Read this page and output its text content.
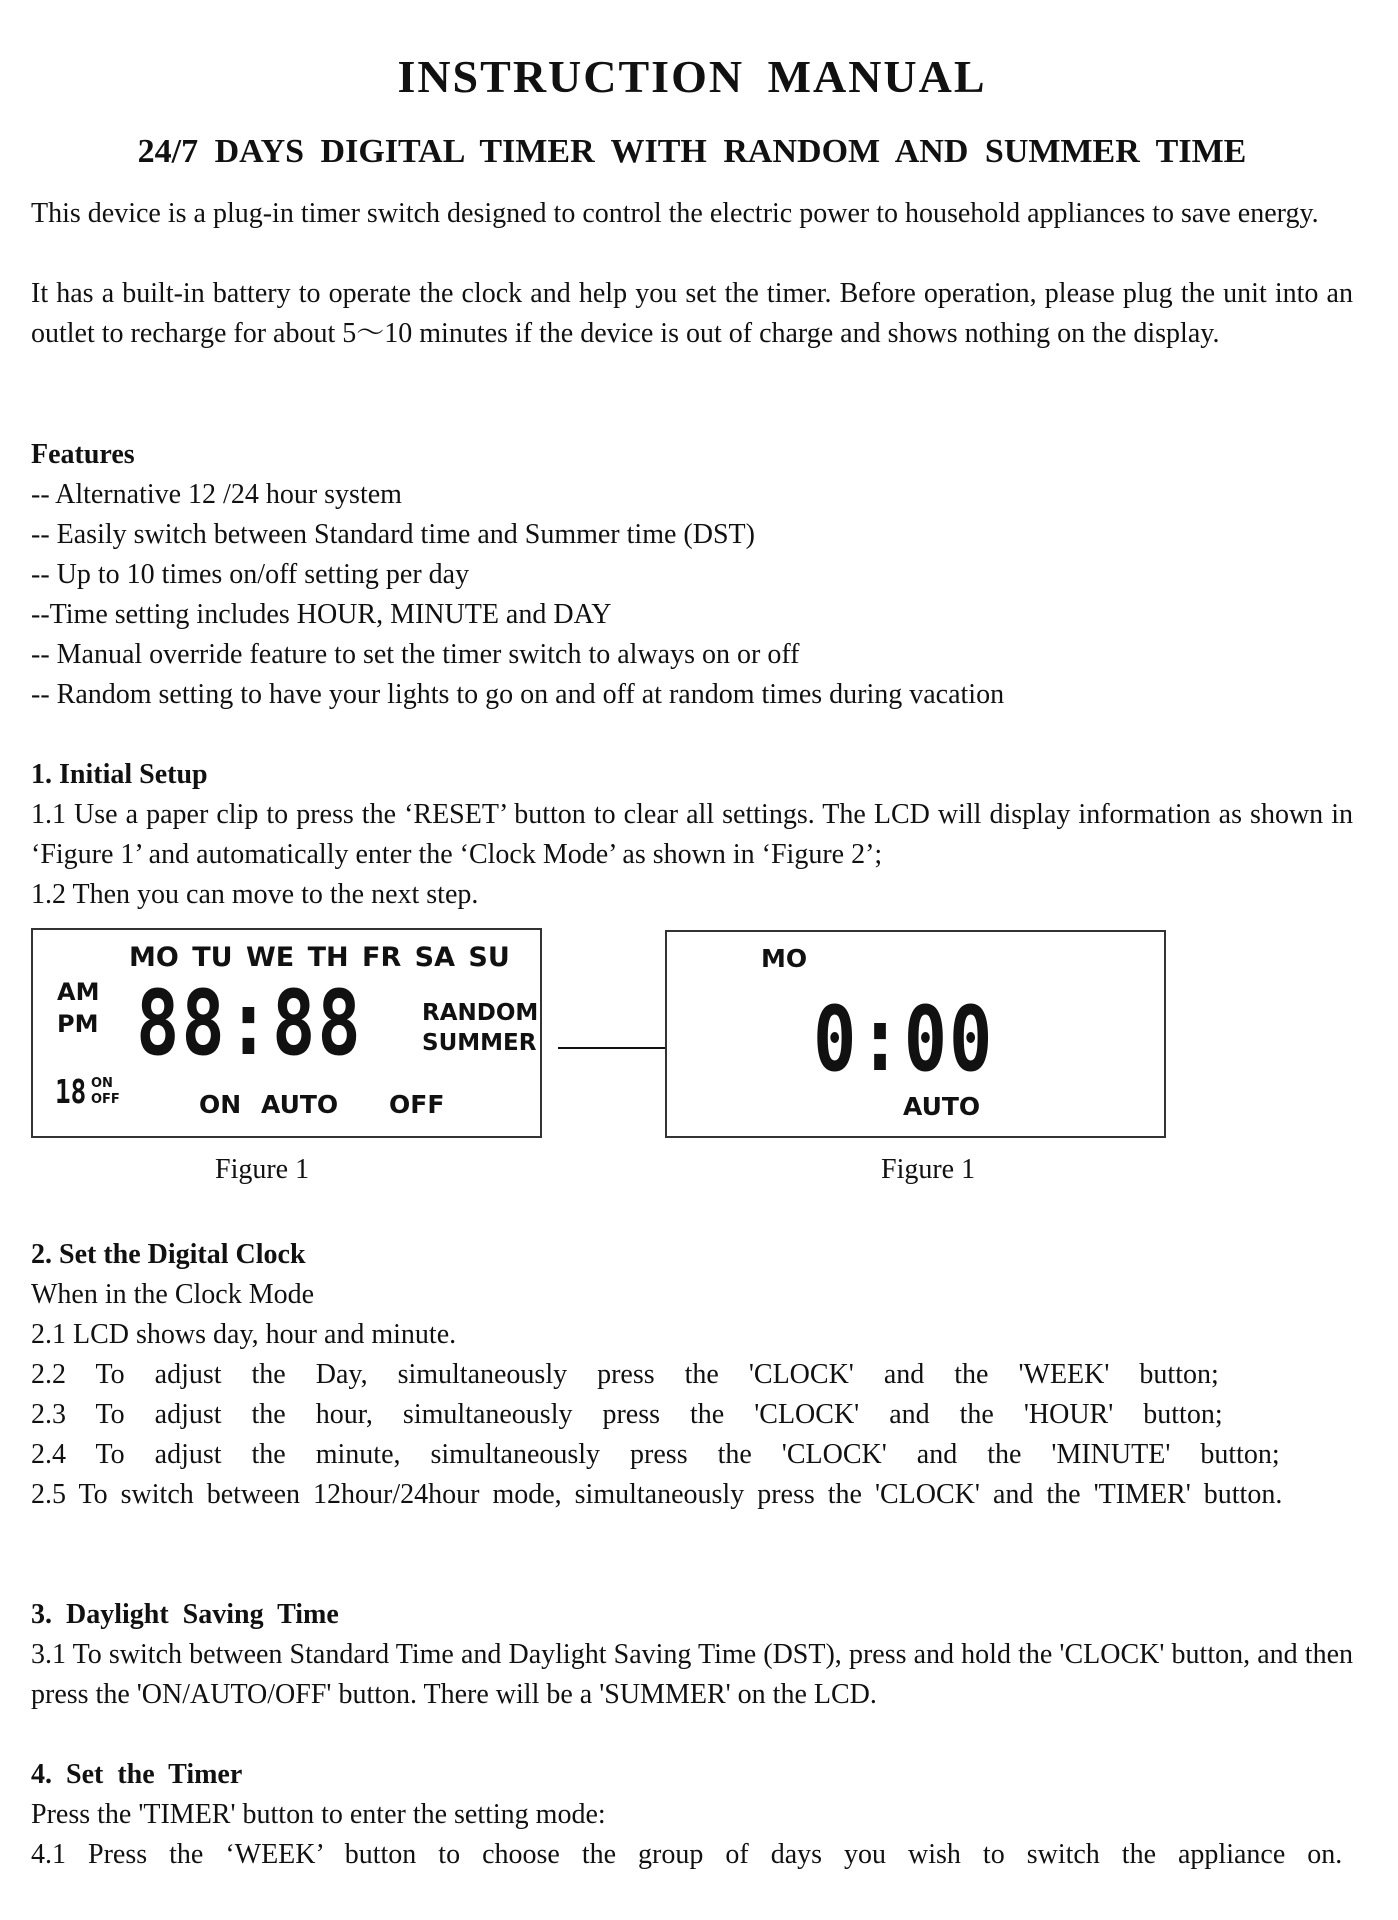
INSTRUCTION MANUAL
24/7 DAYS DIGITAL TIMER WITH RANDOM AND SUMMER TIME
This device is a plug-in timer switch designed to control the electric power to household appliances to save energy.
It has a built-in battery to operate the clock and help you set the timer. Before operation, please plug the unit into an outlet to recharge for about 5～10 minutes if the device is out of charge and shows nothing on the display.
Features
-- Alternative 12 /24 hour system
-- Easily switch between Standard time and Summer time (DST)
-- Up to 10 times on/off setting per day
--Time setting includes HOUR, MINUTE and DAY
-- Manual override feature to set the timer switch to always on or off
-- Random setting to have your lights to go on and off at random times during vacation
1. Initial Setup
1.1 Use a paper clip to press the ‘RESET’ button to clear all settings. The LCD will display information as shown in ‘Figure 1’ and automatically enter the ‘Clock Mode’ as shown in ‘Figure 2’;
1.2 Then you can move to the next step.
MO TU WE TH FR SA SU
AM
PM 88:88	RANDOM
SUMMER
18 ON
OFF	ON AUTO OFF
MO
0:00
AUTO
Figure 1	Figure 1
2. Set the Digital Clock
When in the Clock Mode
2.1 LCD shows day, hour and minute.
2.2  To  adjust  the  Day,  simultaneously  press  the  'CLOCK'  and  the  'WEEK'  button;
2.3  To  adjust  the  hour,  simultaneously  press  the  'CLOCK'  and  the  'HOUR'  button;
2.4  To  adjust  the  minute,  simultaneously  press  the  'CLOCK'  and  the  'MINUTE'  button;
2.5 To switch between 12hour/24hour mode, simultaneously press the 'CLOCK' and the 'TIMER' button.
3.  Daylight  Saving  Time
3.1 To switch between Standard Time and Daylight Saving Time (DST), press and hold the 'CLOCK' button, and then press the 'ON/AUTO/OFF' button. There will be a 'SUMMER' on the LCD.
4.  Set  the  Timer
Press the 'TIMER' button to enter the setting mode:
4.1  Press  the  ‘WEEK’  button  to  choose  the  group  of  days  you  wish  to  switch  the  appliance  on.
